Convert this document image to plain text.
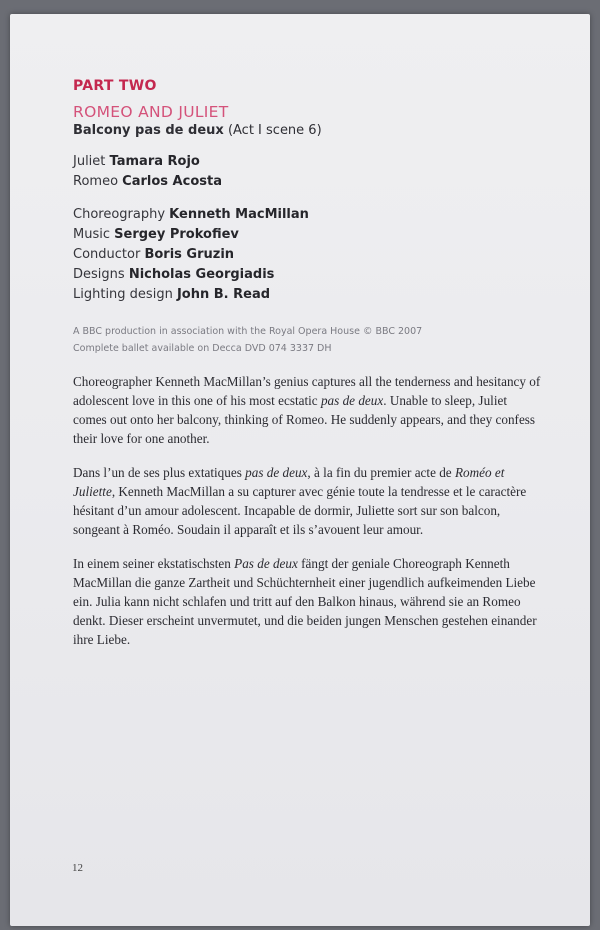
PART TWO

ROMEO AND JULIET

Balcony pas de deux (Act I scene 6)

Juliet Tamara Rojo
Romeo Carlos Acosta
Choreography Kenneth MacMillan
Music Sergey Prokofiev
Conductor Boris Gruzin
Designs Nicholas Georgiadis
Lighting design John B. Read
A BBC production in association with the Royal Opera House © BBC 2007
Complete ballet available on Decca DVD 074 3337 DH

Choreographer Kenneth MacMillan’s genius captures all the tenderness and hesitancy of adolescent love in this one of his most ecstatic pas de deux. Unable to sleep, Juliet comes out onto her balcony, thinking of Romeo. He suddenly appears, and they confess their love for one another.

Dans l’un de ses plus extatiques pas de deux, à la fin du premier acte de Roméo et Juliette, Kenneth MacMillan a su capturer avec génie toute la tendresse et le caractère hésitant d’un amour adolescent. Incapable de dormir, Juliette sort sur son balcon, songeant à Roméo. Soudain il apparaît et ils s’avouent leur amour.

In einem seiner ekstatischsten Pas de deux fängt der geniale Choreograph Kenneth MacMillan die ganze Zartheit und Schüchternheit einer jugendlich aufkeimenden Liebe ein. Julia kann nicht schlafen und tritt auf den Balkon hinaus, während sie an Romeo denkt. Dieser erscheint unvermutet, und die beiden jungen Menschen gestehen einander ihre Liebe.

12
